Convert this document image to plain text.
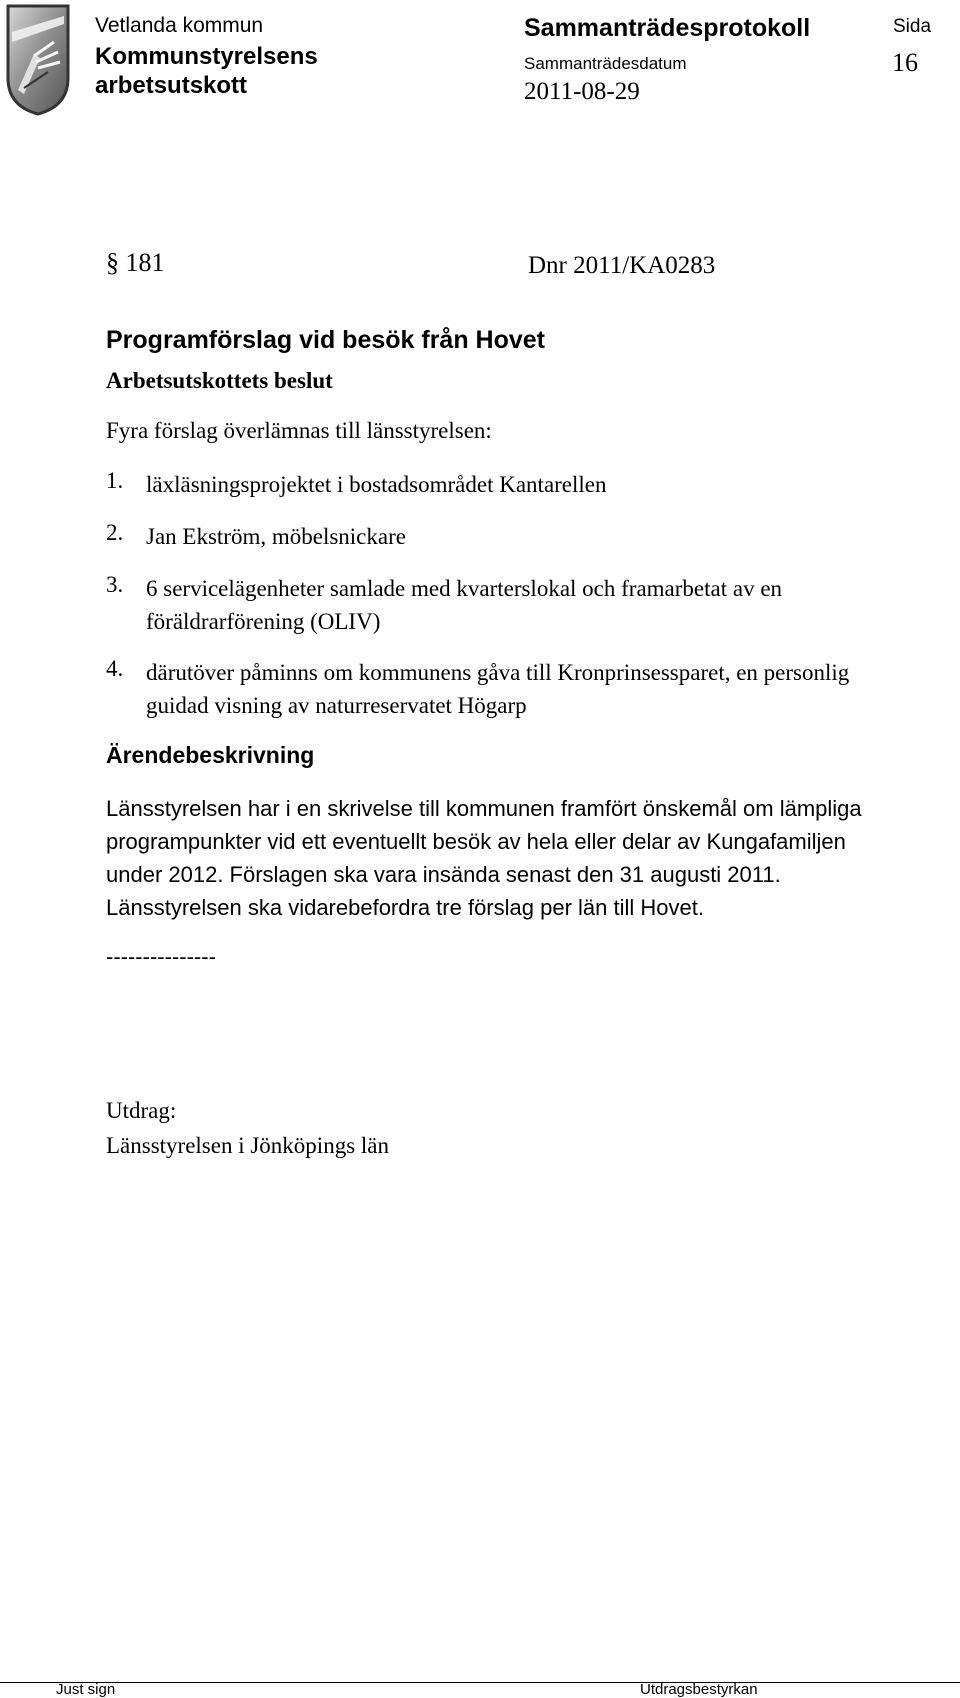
Vetlanda kommun
Kommunstyrelsens
arbetsutskott
Sammanträdesprotokoll	Sida
16
Sammanträdesdatum
2011-08-29
§ 181	Dnr 2011/KA0283
Programförslag vid besök från Hovet
Arbetsutskottets beslut
Fyra förslag överlämnas till länsstyrelsen:
1. läxläsningsprojektet i bostadsområdet Kantarellen
2. Jan Ekström, möbelsnickare
3. 6 servicelägenheter samlade med kvarterslokal och framarbetat av en föräldrarförening (OLIV)
4. därutöver påminns om kommunens gåva till Kronprinsessparet, en personlig guidad visning av naturreservatet Högarp
Ärendebeskrivning
Länsstyrelsen har i en skrivelse till kommunen framfört önskemål om lämpliga
programpunkter vid ett eventuellt besök av hela eller delar av Kungafamiljen
under 2012. Förslagen ska vara insända senast den 31 augusti 2011.
Länsstyrelsen ska vidarebefordra tre förslag per län till Hovet.
---------------
Utdrag:
Länsstyrelsen i Jönköpings län
Just sign	Utdragsbestyrkan
